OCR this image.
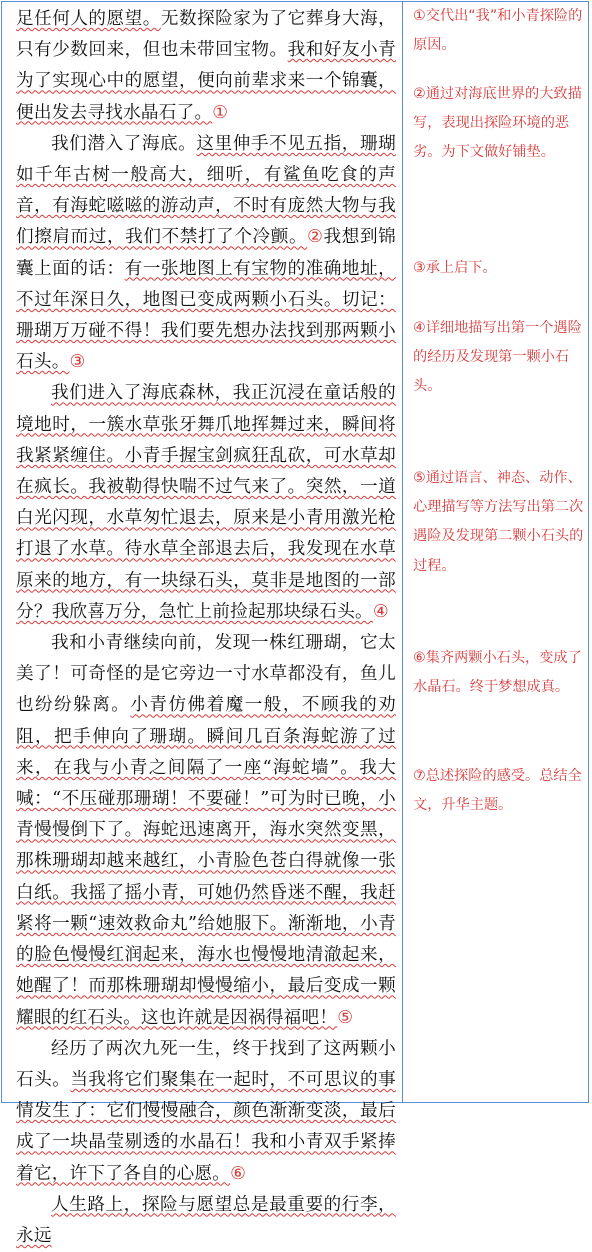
足任何人的愿望。无数探险家为了它葬身大海，只有少数回来，但也未带回宝物。我和好友小青为了实现心中的愿望，便向前辈求来一个锦囊，便出发去寻找水晶石了。①

我们潜入了海底。这里伸手不见五指，珊瑚如千年古树一般高大，细听，有鲨鱼吃食的声音，有海蛇嗞嗞的游动声，不时有庞然大物与我们擦肩而过，我们不禁打了个冷颤。②我想到锦囊上面的话：有一张地图上有宝物的准确地址，不过年深日久，地图已变成两颗小石头。切记：珊瑚万万碰不得！我们要先想办法找到那两颗小石头。③

我们进入了海底森林，我正沉浸在童话般的境地时，一簇水草张牙舞爪地挥舞过来，瞬间将我紧紧缠住。小青手握宝剑疯狂乱砍，可水草却在疯长。我被勒得快喘不过气来了。突然，一道白光闪现，水草匆忙退去，原来是小青用激光枪打退了水草。待水草全部退去后，我发现在水草原来的地方，有一块绿石头，莫非是地图的一部分？我欣喜万分，急忙上前捡起那块绿石头。④

我和小青继续向前，发现一株红珊瑚，它太美了！可奇怪的是它旁边一寸水草都没有，鱼儿也纷纷躲离。小青仿佛着魔一般，不顾我的劝阻，把手伸向了珊瑚。瞬间几百条海蛇游了过来，在我与小青之间隔了一座“海蛇墙”。我大喊：“不压碰那珊瑚！不要碰！”可为时已晚，小青慢慢倒下了。海蛇迅速离开，海水突然变黑，那株珊瑚却越来越红，小青脸色苍白得就像一张白纸。我摇了摇小青，可她仍然昏迷不醒，我赶紧将一颗“速效救命丸”给她服下。渐渐地，小青的脸色慢慢红润起来，海水也慢慢地清澈起来，她醒了！而那株珊瑚却慢慢缩小，最后变成一颗耀眼的红石头。这也许就是因祸得福吧！⑤

经历了两次九死一生，终于找到了这两颗小石头。当我将它们聚集在一起时，不可思议的事情发生了：它们慢慢融合，颜色渐渐变淡，最后成了一块晶莹剔透的水晶石！我和小青双手紧捧着它，许下了各自的心愿。⑥

人生路上，探险与愿望总是最重要的行李，永远

①交代出“我”和小青探险的原因。

②通过对海底世界的大致描写，表现出探险环境的恶劣。为下文做好铺垫。

③承上启下。

④详细地描写出第一个遇险的经历及发现第一颗小石头。

⑤通过语言、神态、动作、心理描写等方法写出第二次遇险及发现第二颗小石头的过程。

⑥集齐两颗小石头，变成了水晶石。终于梦想成真。

⑦总述探险的感受。总结全文，升华主题。
